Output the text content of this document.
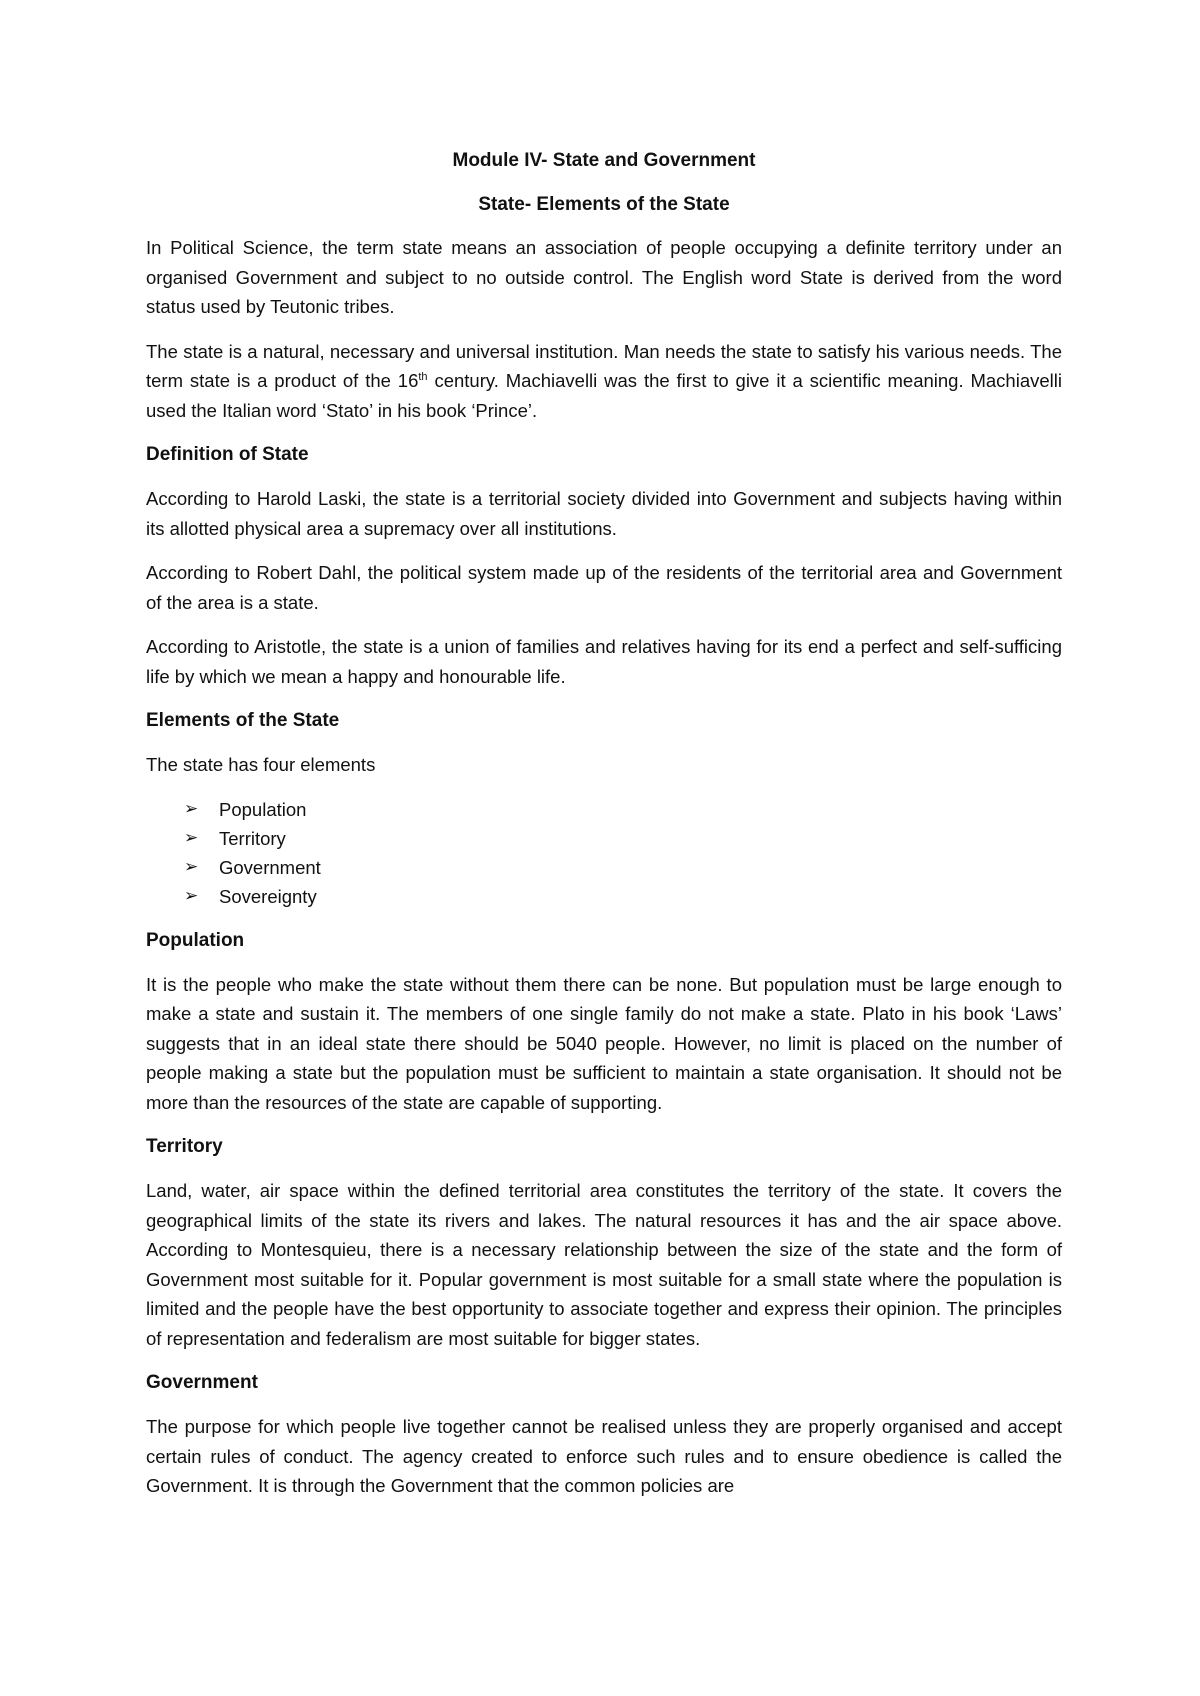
Module IV- State and Government
State- Elements of the State

In Political Science, the term state means an association of people occupying a definite territory under an organised Government and subject to no outside control. The English word State is derived from the word status used by Teutonic tribes.

The state is a natural, necessary and universal institution. Man needs the state to satisfy his various needs. The term state is a product of the 16th century. Machiavelli was the first to give it a scientific meaning. Machiavelli used the Italian word ‘Stato’ in his book ‘Prince’.

Definition of State

According to Harold Laski, the state is a territorial society divided into Government and subjects having within its allotted physical area a supremacy over all institutions.

According to Robert Dahl, the political system made up of the residents of the territorial area and Government of the area is a state.

According to Aristotle, the state is a union of families and relatives having for its end a perfect and self-sufficing life by which we mean a happy and honourable life.

Elements of the State

The state has four elements

➢ Population
➢ Territory
➢ Government
➢ Sovereignty
Population

It is the people who make the state without them there can be none. But population must be large enough to make a state and sustain it. The members of one single family do not make a state. Plato in his book ‘Laws’ suggests that in an ideal state there should be 5040 people. However, no limit is placed on the number of people making a state but the population must be sufficient to maintain a state organisation. It should not be more than the resources of the state are capable of supporting.

Territory

Land, water, air space within the defined territorial area constitutes the territory of the state. It covers the geographical limits of the state its rivers and lakes. The natural resources it has and the air space above. According to Montesquieu, there is a necessary relationship between the size of the state and the form of Government most suitable for it. Popular government is most suitable for a small state where the population is limited and the people have the best opportunity to associate together and express their opinion. The principles of representation and federalism are most suitable for bigger states.

Government

The purpose for which people live together cannot be realised unless they are properly organised and accept certain rules of conduct. The agency created to enforce such rules and to ensure obedience is called the Government. It is through the Government that the common policies are
